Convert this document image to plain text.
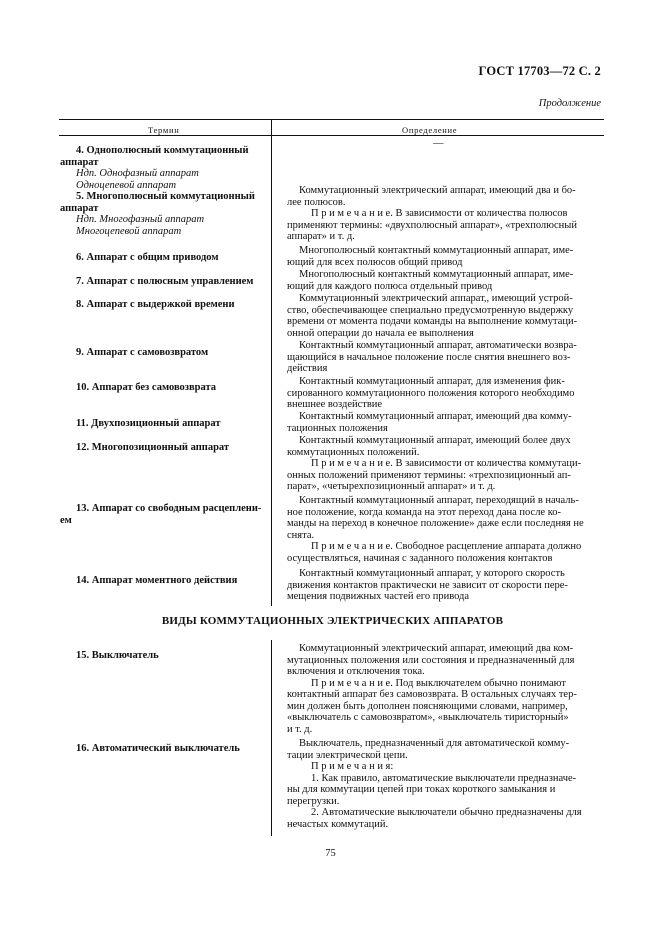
ГОСТ 17703—72 С. 2
Продолжение
Термин	Определение
—

4. Однополюсный коммутационный

аппарат

Ндп. Однофазный аппарат

Одноцепевой аппарат

5. Многополюсный коммутационный

аппарат

Ндп. Многофазный аппарат

Многоцепевой аппарат

6. Аппарат с общим приводом

7. Аппарат с полюсным управлением

8. Аппарат с выдержкой времени

9. Аппарат с самовозвратом

10. Аппарат без самовозврата

11. Двухпозиционный аппарат

12. Многопозиционный аппарат

13. Аппарат со свободным расцеплени-

ем

14. Аппарат моментного действия

Коммутационный электрический аппарат, имеющий два и бо-

лее полюсов.

П р и м е ч а н и е. В зависимости от количества полюсов

применяют термины: «двухполюсный аппарат», «трехполюсный

аппарат» и т. д.

Многополюсный контактный коммутационный аппарат, име-

ющий для всех полюсов общий привод

Многополюсный контактный коммутационный аппарат, име-

ющий для каждого полюса отдельный привод

Коммутационный электрический аппарат,, имеющий устрой-

ство, обеспечивающее специально предусмотренную выдержку

времени от момента подачи команды на выполнение коммутаци-

онной операции до начала ее выполнения

Контактный коммутационный аппарат, автоматически возвра-

щающийся в начальное положение после снятия внешнего воз-

действия

Контактный коммутационный аппарат, для изменения фик-

сированного коммутационного положения которого необходимо

внешнее воздействие

Контактный коммутационный аппарат, имеющий два комму-

тационных положения

Контактный коммутационный аппарат, имеющий более двух

коммутационных положений.

П р и м е ч а н и е. В зависимости от количества коммутаци-

онных положений применяют термины: «трехпозиционный ап-

парат», «четырехпозиционный аппарат» и т. д.

Контактный коммутационный аппарат, переходящий в началь-

ное положение, когда команда на этот переход дана после ко-

манды на переход в конечное положение» даже если последняя не

снята.

П р и м е ч а н и е. Свободное расцепление аппарата должно

осуществляться, начиная с заданного положения контактов

Контактный коммутационный аппарат, у которого скорость

движения контактов практически не зависит от скорости пере-

мещения подвижных частей его привода

ВИДЫ КОММУТАЦИОННЫХ ЭЛЕКТРИЧЕСКИХ АППАРАТОВ

15. Выключатель

16. Автоматический выключатель

Коммутационный электрический аппарат, имеющий два ком-

мутационных положения или состояния и предназначенный для

включения и отключения тока.

П р и м е ч а н и е. Под выключателем обычно понимают

контактный аппарат без самовозврата. В остальных случаях тер-

мин должен быть дополнен поясняющими словами, например,

«выключатель с самовозвратом», «выключатель тиристорный»

и т. д.

Выключатель, предназначенный для автоматической комму-

тации электрической цепи.

П р и м е ч а н и я:

1. Как правило, автоматические выключатели предназначе-

ны для коммутации цепей при токах короткого замыкания и

перегрузки.

2. Автоматические выключатели обычно предназначены для

нечастых коммутаций.

75
